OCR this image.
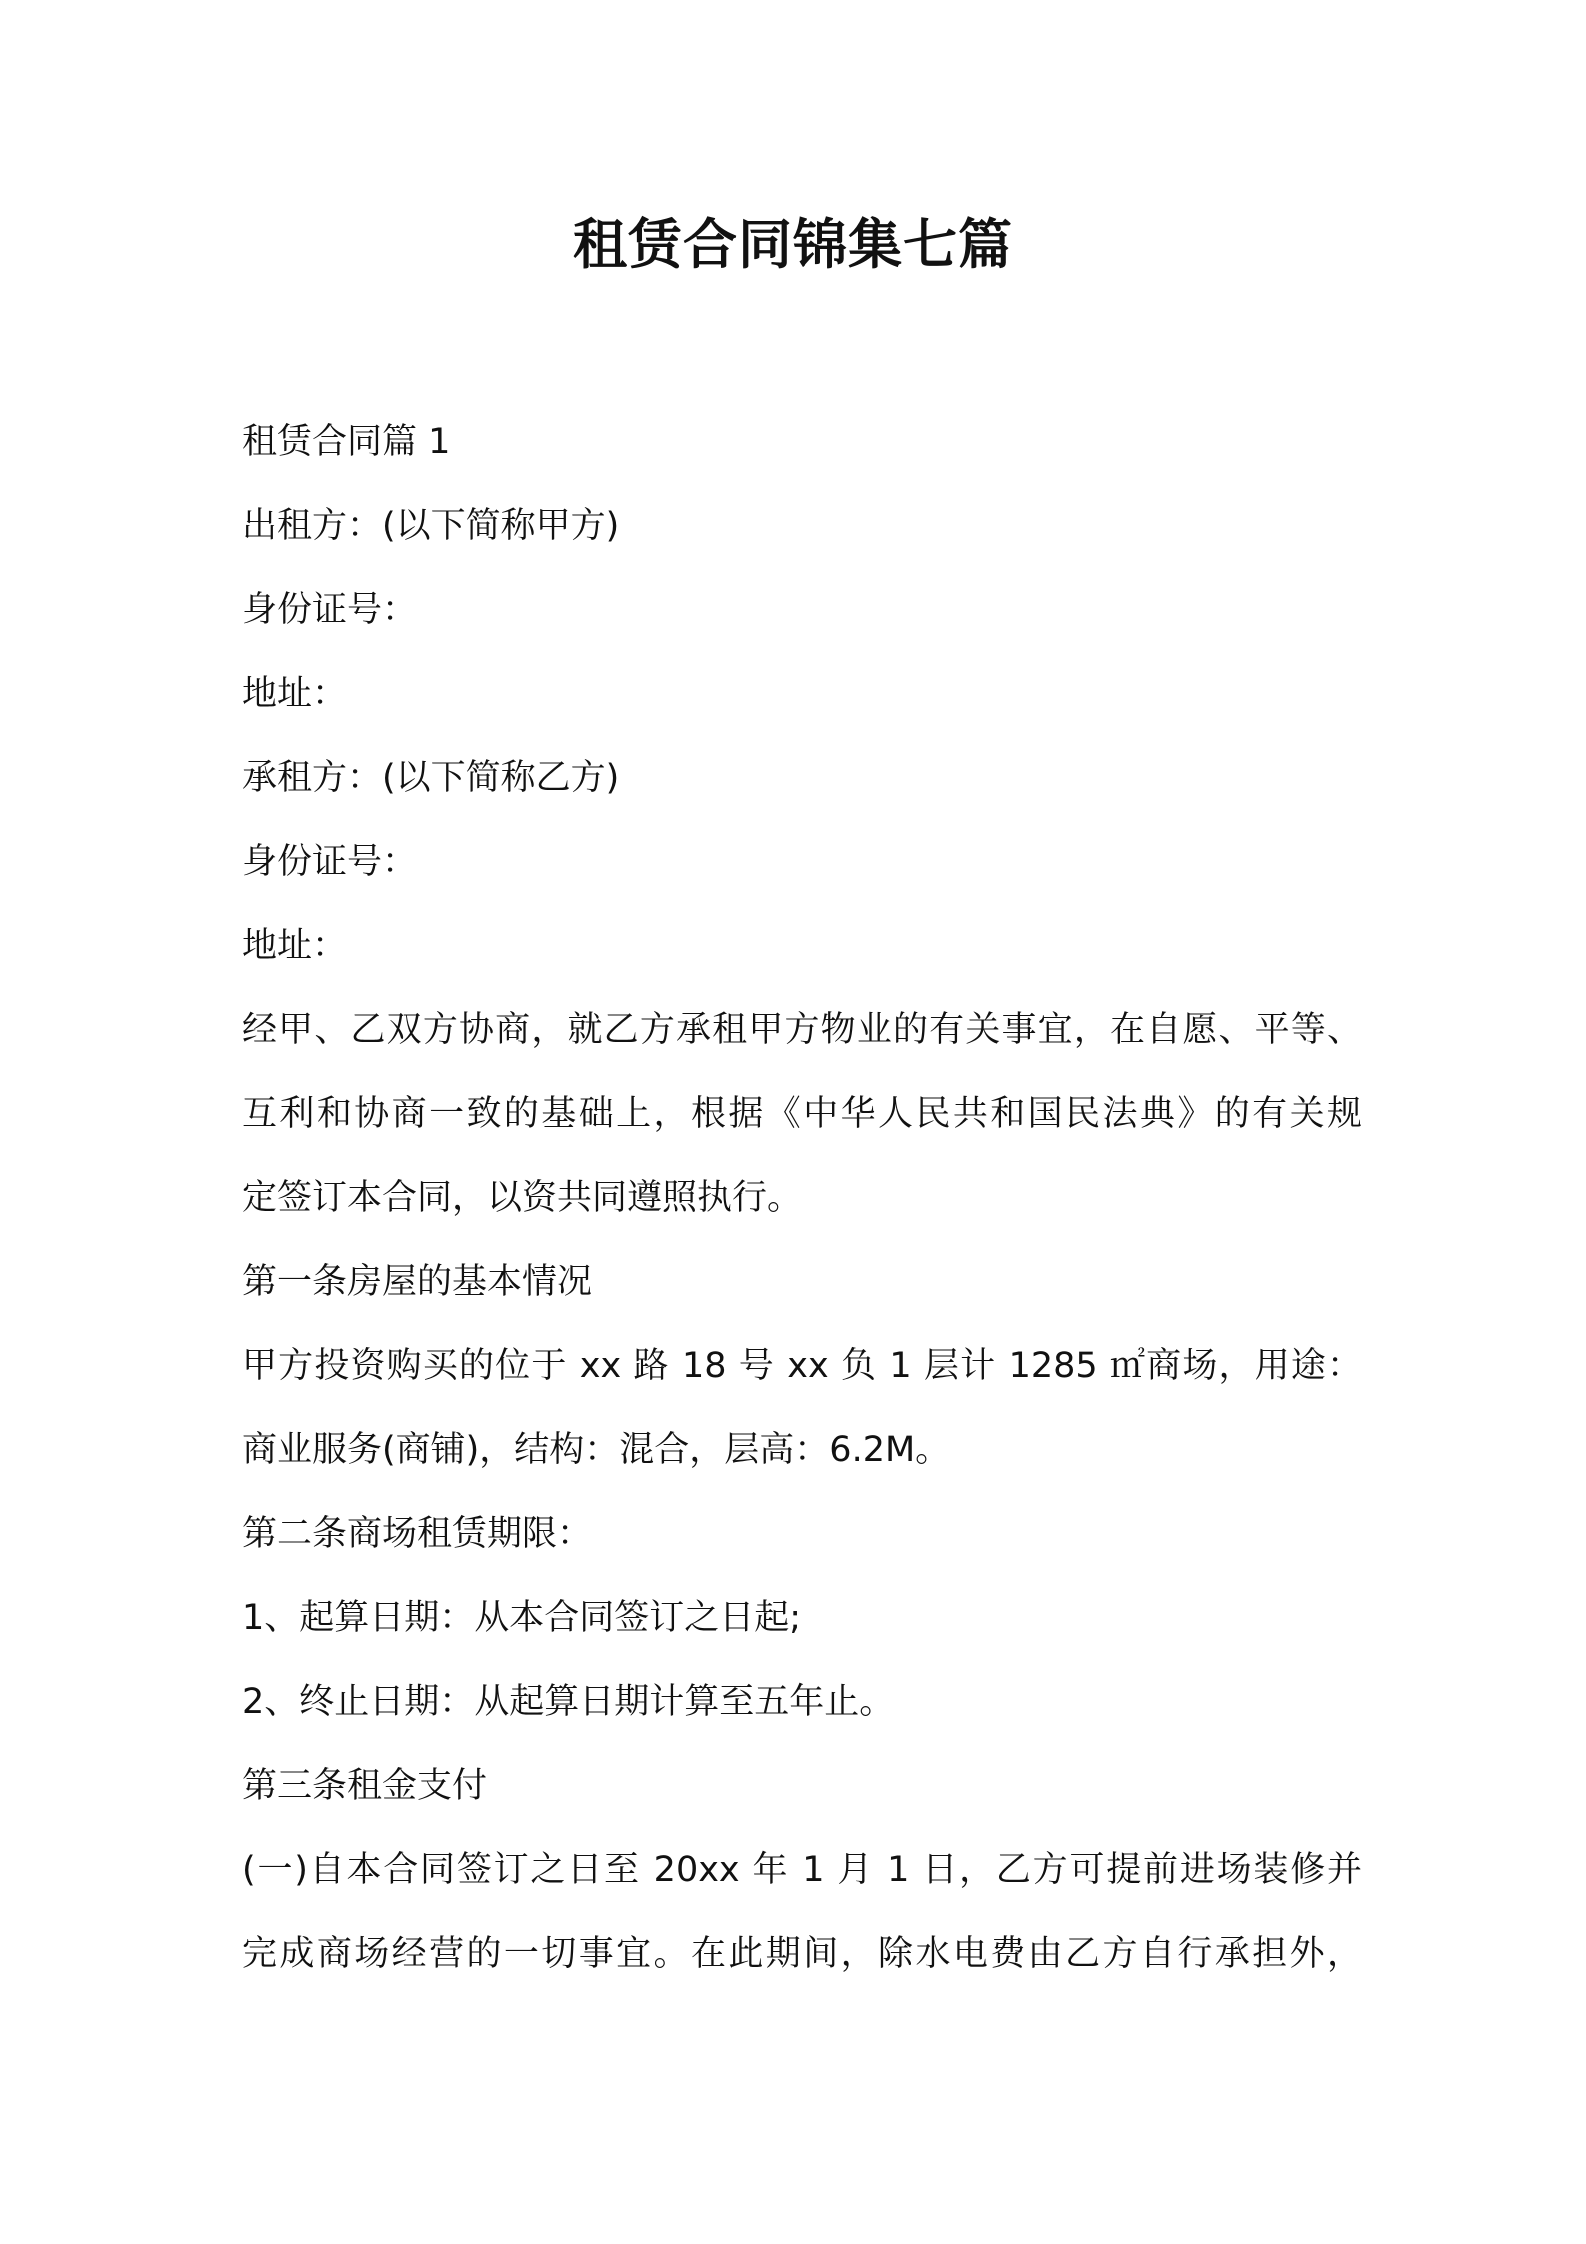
租赁合同锦集七篇

租赁合同篇 1

出租方：(以下简称甲方)

身份证号：

地址：

承租方：(以下简称乙方)

身份证号：

地址：

经甲、乙双方协商，就乙方承租甲方物业的有关事宜，在自愿、平等、

互利和协商一致的基础上，根据《中华人民共和国民法典》的有关规

定签订本合同，以资共同遵照执行。

第一条房屋的基本情况

甲方投资购买的位于 xx 路 18 号 xx 负 1 层计 1285 ㎡商场，用途：

商业服务(商铺)，结构：混合，层高：6.2M。

第二条商场租赁期限：

1、起算日期：从本合同签订之日起;

2、终止日期：从起算日期计算至五年止。

第三条租金支付

(一)自本合同签订之日至 20xx 年 1 月 1 日，乙方可提前进场装修并

完成商场经营的一切事宜。在此期间，除水电费由乙方自行承担外，
